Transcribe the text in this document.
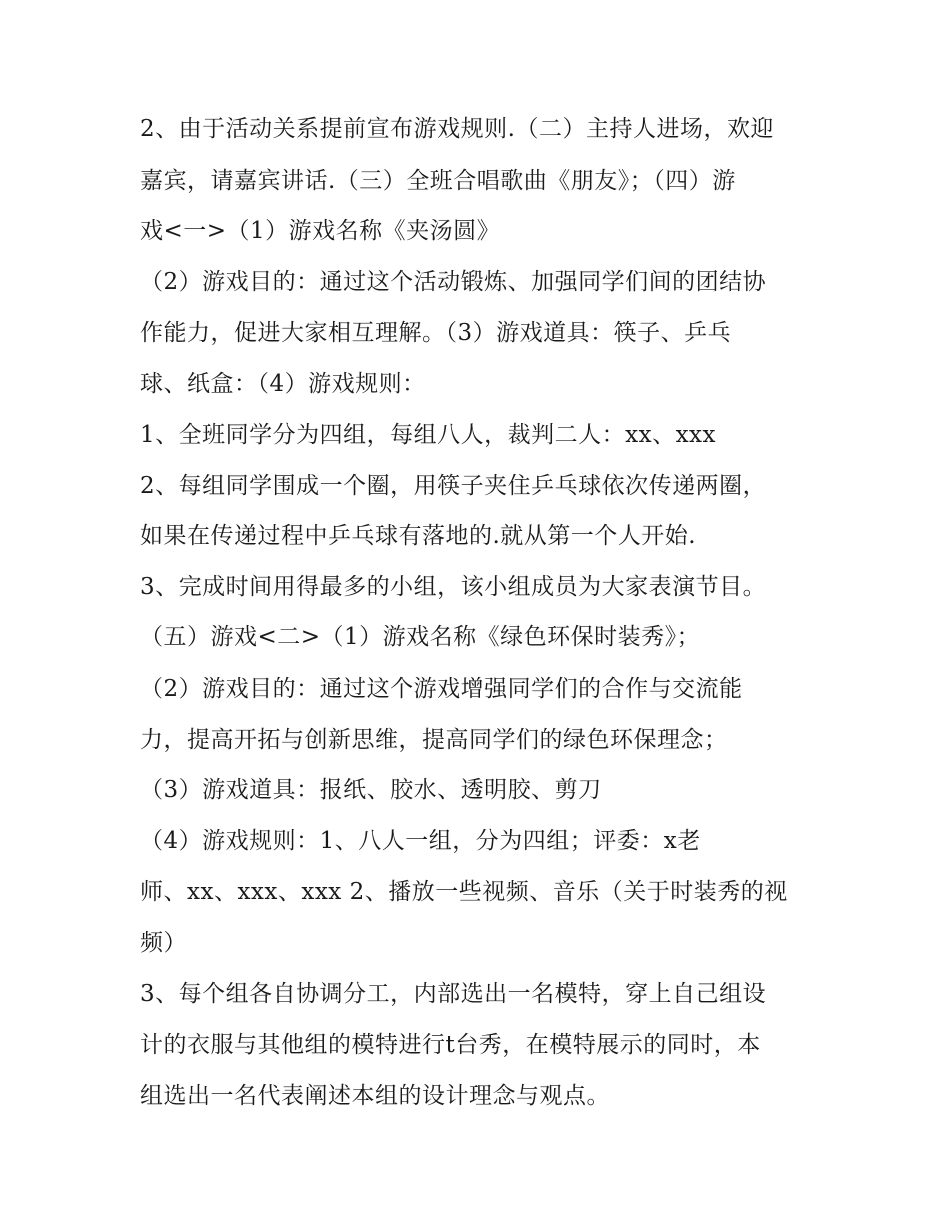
2、由于活动关系提前宣布游戏规则.（二）主持人进场，欢迎
嘉宾，请嘉宾讲话.（三）全班合唱歌曲《朋友》；（四）游
戏<一>（1）游戏名称《夹汤圆》
（2）游戏目的：通过这个活动锻炼、加强同学们间的团结协
作能力，促进大家相互理解。（3）游戏道具：筷子、乒乓
球、纸盒：（4）游戏规则：
1、全班同学分为四组，每组八人，裁判二人：xx、xxx
2、每组同学围成一个圈，用筷子夹住乒乓球依次传递两圈，
如果在传递过程中乒乓球有落地的.就从第一个人开始.
3、完成时间用得最多的小组，该小组成员为大家表演节目。
（五）游戏<二>（1）游戏名称《绿色环保时装秀》；
（2）游戏目的：通过这个游戏增强同学们的合作与交流能
力，提高开拓与创新思维，提高同学们的绿色环保理念；
（3）游戏道具：报纸、胶水、透明胶、剪刀
（4）游戏规则：1、八人一组，分为四组；评委：x老
师、xx、xxx、xxx 2、播放一些视频、音乐（关于时装秀的视
频）
3、每个组各自协调分工，内部选出一名模特，穿上自己组设
计的衣服与其他组的模特进行t台秀，在模特展示的同时，本
组选出一名代表阐述本组的设计理念与观点。
